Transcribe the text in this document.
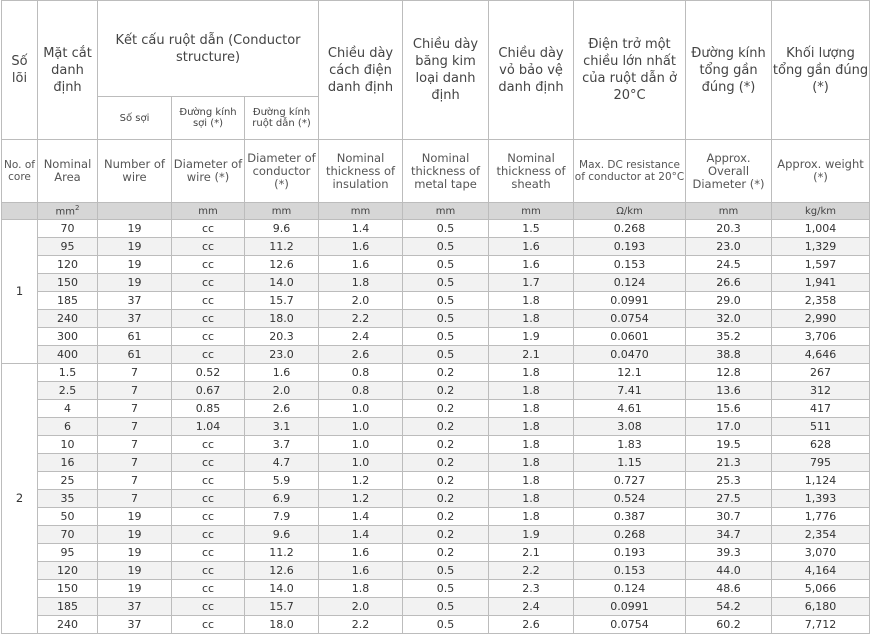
Số lõi	Mặt cắt danh định	Kết cấu ruột dẫn (Conductor structure)			Chiều dày cách điện danh định	Chiều dày băng kim loại danh định	Chiều dày vỏ bảo vệ danh định	Điện trở một chiều lớn nhất của ruột dẫn ở 20°C	Đường kính tổng gần đúng (*)	Khối lượng tổng gần đúng (*)
		Số sợi	Đường kính sợi (*)	Đường kính ruột dẫn (*)						
No. of core	Nominal Area	Number of wire	Diameter of wire (*)	Diameter of conductor (*)	Nominal thickness of insulation	Nominal thickness of metal tape	Nominal thickness of sheath	Max. DC resistance of conductor at 20°C	Approx. Overall Diameter (*)	Approx. weight (*)
	$mm^2$		mm	mm	mm	mm	mm	Ω/km	mm	kg/km
1	70	19	cc	9.6	1.4	0.5	1.5	0.268	20.3	1,004
	95	19	cc	11.2	1.6	0.5	1.6	0.193	23.0	1,329
	120	19	cc	12.6	1.6	0.5	1.6	0.153	24.5	1,597
	150	19	cc	14.0	1.8	0.5	1.7	0.124	26.6	1,941
	185	37	cc	15.7	2.0	0.5	1.8	0.0991	29.0	2,358
	240	37	cc	18.0	2.2	0.5	1.8	0.0754	32.0	2,990
	300	61	cc	20.3	2.4	0.5	1.9	0.0601	35.2	3,706
	400	61	cc	23.0	2.6	0.5	2.1	0.0470	38.8	4,646
2	1.5	7	0.52	1.6	0.8	0.2	1.8	12.1	12.8	267
	2.5	7	0.67	2.0	0.8	0.2	1.8	7.41	13.6	312
	4	7	0.85	2.6	1.0	0.2	1.8	4.61	15.6	417
	6	7	1.04	3.1	1.0	0.2	1.8	3.08	17.0	511
	10	7	cc	3.7	1.0	0.2	1.8	1.83	19.5	628
	16	7	cc	4.7	1.0	0.2	1.8	1.15	21.3	795
	25	7	cc	5.9	1.2	0.2	1.8	0.727	25.3	1,124
	35	7	cc	6.9	1.2	0.2	1.8	0.524	27.5	1,393
	50	19	cc	7.9	1.4	0.2	1.8	0.387	30.7	1,776
	70	19	cc	9.6	1.4	0.2	1.9	0.268	34.7	2,354
	95	19	cc	11.2	1.6	0.2	2.1	0.193	39.3	3,070
	120	19	cc	12.6	1.6	0.5	2.2	0.153	44.0	4,164
	150	19	cc	14.0	1.8	0.5	2.3	0.124	48.6	5,066
	185	37	cc	15.7	2.0	0.5	2.4	0.0991	54.2	6,180
	240	37	cc	18.0	2.2	0.5	2.6	0.0754	60.2	7,712
